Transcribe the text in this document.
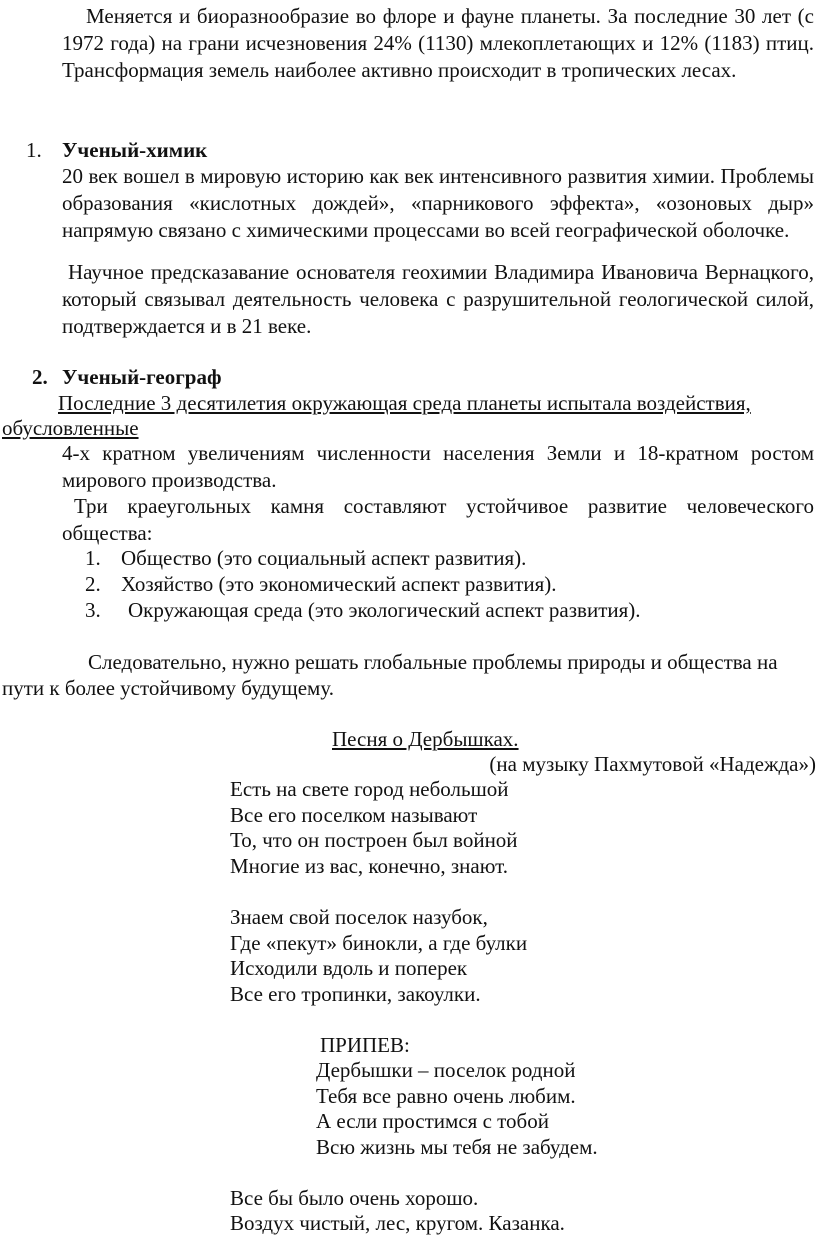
Меняется и биоразнообразие во флоре и фауне планеты. За последние 30 лет (с 1972 года) на грани исчезновения 24% (1130) млекоплетающих и 12% (1183) птиц. Трансформация земель наиболее активно происходит в тропических лесах.

1. Ученый-химик

20 век вошел в мировую историю как век интенсивного развития химии. Проблемы образования «кислотных дождей», «парникового эффекта», «озоновых дыр» напрямую связано с химическими процессами во всей географической оболочке.

Научное предсказавание основателя геохимии Владимира Ивановича Вернацкого, который связывал деятельность человека с разрушительной геологической силой, подтверждается и в 21 веке.

2. Ученый-географ
Последние 3 десятилетия окружающая среда планеты испытала воздействия,
обусловленные

4-х кратном увеличениям численности населения Земли и 18-кратном ростом мирового производства.

Три краеугольных камня составляют устойчивое развитие человеческого общества:

1. Общество (это социальный аспект развития).
2. Хозяйство (это экономический аспект развития).
3. Окружающая среда (это экологический аспект развития).
Следовательно, нужно решать глобальные проблемы природы и общества на
пути к более устойчивому будущему.
Песня о Дербышках.
(на музыку Пахмутовой «Надежда»)
Есть на свете город небольшой
Все его поселком называют
То, что он построен был войной
Многие из вас, конечно, знают.
Знаем свой поселок назубок,
Где «пекут» бинокли, а где булки
Исходили вдоль и поперек
Все его тропинки, закоулки.
ПРИПЕВ:
Дербышки – поселок родной
Тебя все равно очень любим.
А если простимся с тобой
Всю жизнь мы тебя не забудем.
Все бы было очень хорошо.
Воздух чистый, лес, кругом. Казанка.
